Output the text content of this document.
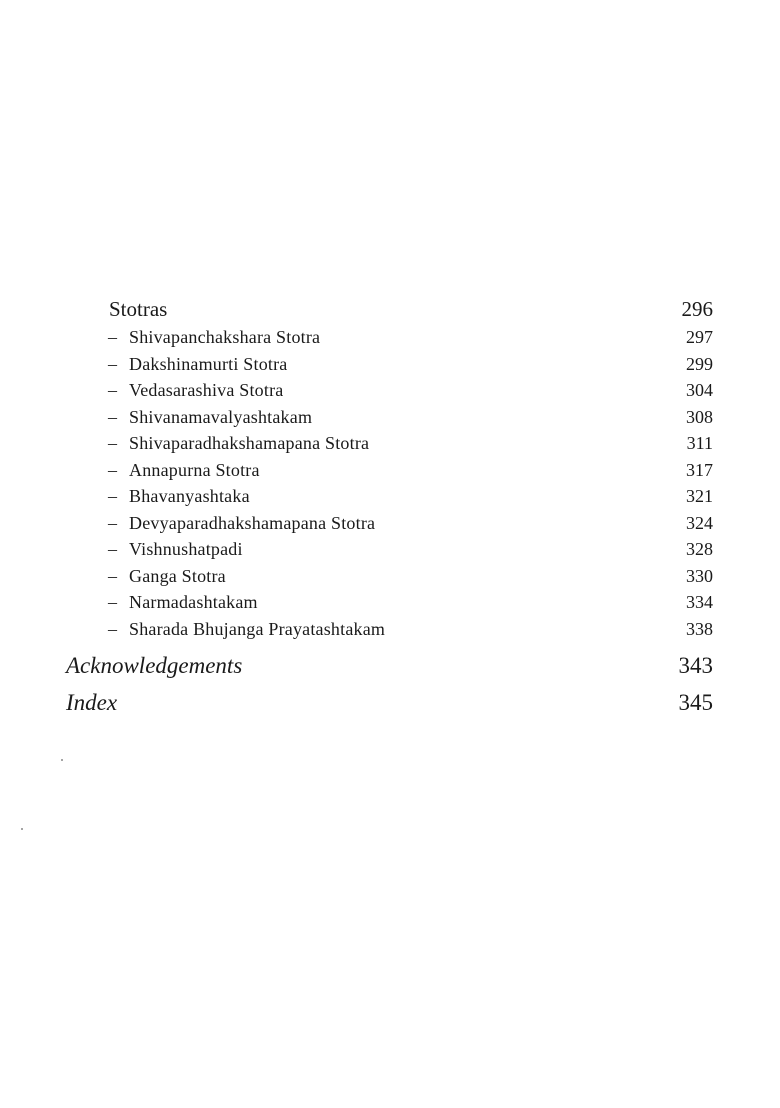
Stotras	296
– Shivapanchakshara Stotra	297
– Dakshinamurti Stotra	299
– Vedasarashiva Stotra	304
– Shivanamavalyashtakam	308
– Shivaparadhakshamapana Stotra	311
– Annapurna Stotra	317
– Bhavanyashtaka	321
– Devyaparadhakshamapana Stotra	324
– Vishnushatpadi	328
– Ganga Stotra	330
– Narmadashtakam	334
– Sharada Bhujanga Prayatashtakam	338
Acknowledgements	343
Index	345
